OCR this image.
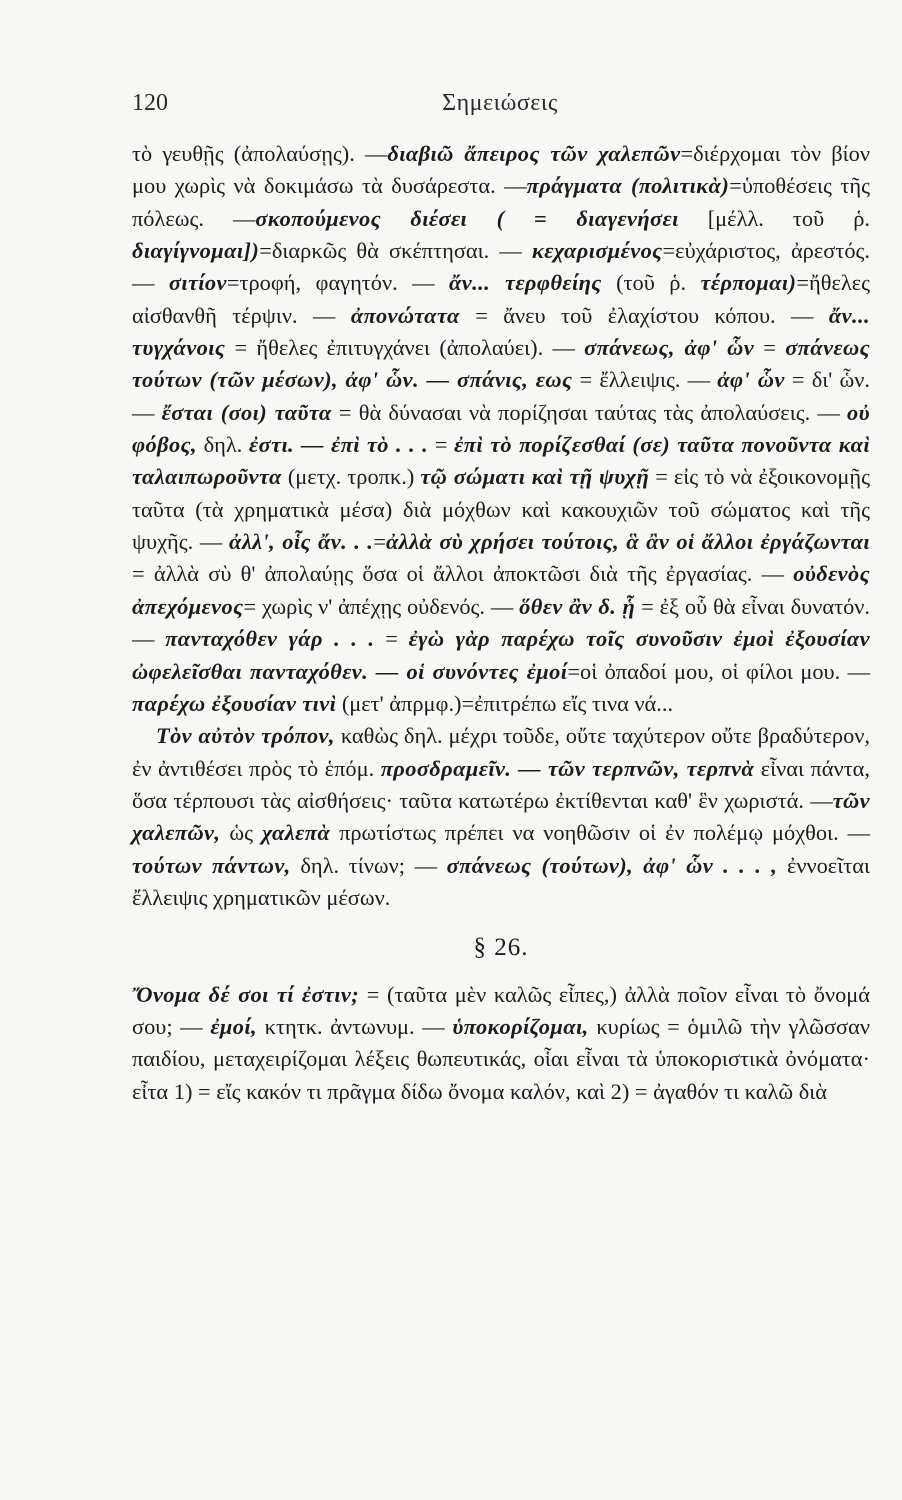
120	Σημειώσεις

τὸ γευθῇς (ἀπολαύσῃς). —διαβιῶ ἄπειρος τῶν χαλεπῶν=διέρχομαι τὸν βίον μου χωρὶς νὰ δοκιμάσω τὰ δυσάρεστα. —πράγματα (πολιτικὰ)=ὑποθέσεις τῆς πόλεως. —σκοπούμενος διέσει ( = διαγενήσει [μέλλ. τοῦ ῥ. διαγίγνομαι])=διαρκῶς θὰ σκέπτησαι. — κεχαρισμένος=εὐχάριστος, ἀρεστός. — σιτίον=τροφή, φαγητόν. — ἄν... τερφθείης (τοῦ ῥ. τέρπομαι)=ἤθελες αἰσθανθῆ τέρψιν. — ἀπονώτατα = ἄνευ τοῦ ἐλαχίστου κόπου. — ἄν... τυγχάνοις = ἤθελες ἐπιτυγχάνει (ἀπολαύει). — σπάνεως, ἀφ' ὧν = σπάνεως τούτων (τῶν μέσων), ἀφ' ὧν. — σπάνις, εως = ἔλλειψις. — ἀφ' ὧν = δι' ὧν. — ἔσται (σοι) ταῦτα = θὰ δύνασαι νὰ πορίζησαι ταύτας τὰς ἀπολαύσεις. — οὐ φόβος, δηλ. ἐστι. — ἐπὶ τὸ . . . = ἐπὶ τὸ πορίζεσθαί (σε) ταῦτα πονοῦντα καὶ ταλαιπωροῦντα (μετχ. τροπκ.) τῷ σώματι καὶ τῇ ψυχῇ = εἰς τὸ νὰ ἐξοικονομῇς ταῦτα (τὰ χρηματικὰ μέσα) διὰ μόχθων καὶ κακουχιῶν τοῦ σώματος καὶ τῆς ψυχῆς. — ἀλλ', οἷς ἄν. . .=ἀλλὰ σὺ χρήσει τούτοις, ἃ ἂν οἱ ἄλλοι ἐργάζωνται = ἀλλὰ σὺ θ' ἀπολαύῃς ὅσα οἱ ἄλλοι ἀποκτῶσι διὰ τῆς ἐργασίας. — οὐδενὸς ἀπεχόμενος= χωρὶς ν' ἀπέχῃς οὐδενός. — ὅθεν ἂν δ. ᾗ = ἐξ οὗ θὰ εἶναι δυνατόν. — πανταχόθεν γάρ . . . = ἐγὼ γὰρ παρέχω τοῖς συνοῦσιν ἐμοὶ ἐξουσίαν ὠφελεῖσθαι πανταχόθεν. — οἱ συνόντες ἐμοί=οἱ ὀπαδοί μου, οἱ φίλοι μου. — παρέχω ἐξουσίαν τινὶ (μετ' ἀπρμφ.)=ἐπιτρέπω εἴς τινα νά...

Τὸν αὐτὸν τρόπον, καθὼς δηλ. μέχρι τοῦδε, οὔτε ταχύτερον οὔτε βραδύτερον, ἐν ἀντιθέσει πρὸς τὸ ἑπόμ. προσδραμεῖν. — τῶν τερπνῶν, τερπνὰ εἶναι πάντα, ὅσα τέρπουσι τὰς αἰσθήσεις· ταῦτα κατωτέρω ἐκτίθενται καθ' ἓν χωριστά. —τῶν χαλεπῶν, ὡς χαλεπὰ πρωτίστως πρέπει να νοηθῶσιν οἱ ἐν πολέμῳ μόχθοι. — τούτων πάντων, δηλ. τίνων; — σπάνεως (τούτων), ἀφ' ὧν . . . , ἐννοεῖται ἔλλειψις χρηματικῶν μέσων.

§ 26.

Ὄνομα δέ σοι τί ἐστιν; = (ταῦτα μὲν καλῶς εἶπες,) ἀλλὰ ποῖον εἶναι τὸ ὄνομά σου; — ἐμοί, κτητκ. ἀντωνυμ. — ὑποκορίζομαι, κυρίως = ὁμιλῶ τὴν γλῶσσαν παιδίου, μεταχειρίζομαι λέξεις θωπευτικάς, οἷαι εἶναι τὰ ὑποκοριστικὰ ὀνόματα· εἶτα 1) = εἴς κακόν τι πρᾶγμα δίδω ὄνομα καλόν, καὶ 2) = ἀγαθόν τι καλῶ διὰ
